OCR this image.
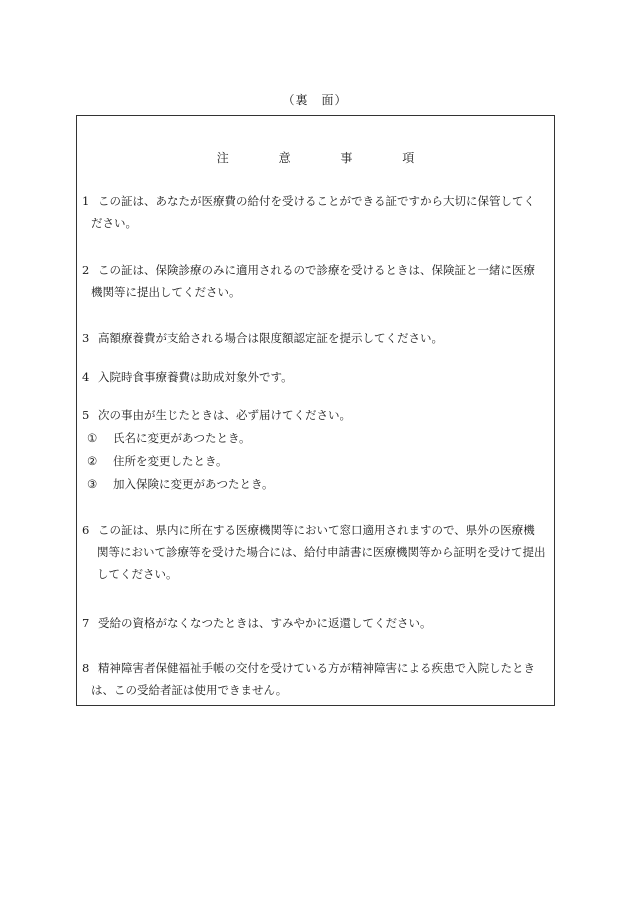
（裏　面）
注	意	事	項
1 この証は、あなたが医療費の給付を受けることができる証ですから大切に保管してく
ださい。
2 この証は、保険診療のみに適用されるので診療を受けるときは、保険証と一緒に医療
機関等に提出してください。
3 高額療養費が支給される場合は限度額認定証を提示してください。
4 入院時食事療養費は助成対象外です。
5 次の事由が生じたときは、必ず届けてください。
① 氏名に変更があつたとき。
② 住所を変更したとき。
③ 加入保険に変更があつたとき。
6 この証は、県内に所在する医療機関等において窓口適用されますので、県外の医療機
関等において診療等を受けた場合には、給付申請書に医療機関等から証明を受けて提出
してください。
7 受給の資格がなくなつたときは、すみやかに返還してください。
8 精神障害者保健福祉手帳の交付を受けている方が精神障害による疾患で入院したとき
は、この受給者証は使用できません。
